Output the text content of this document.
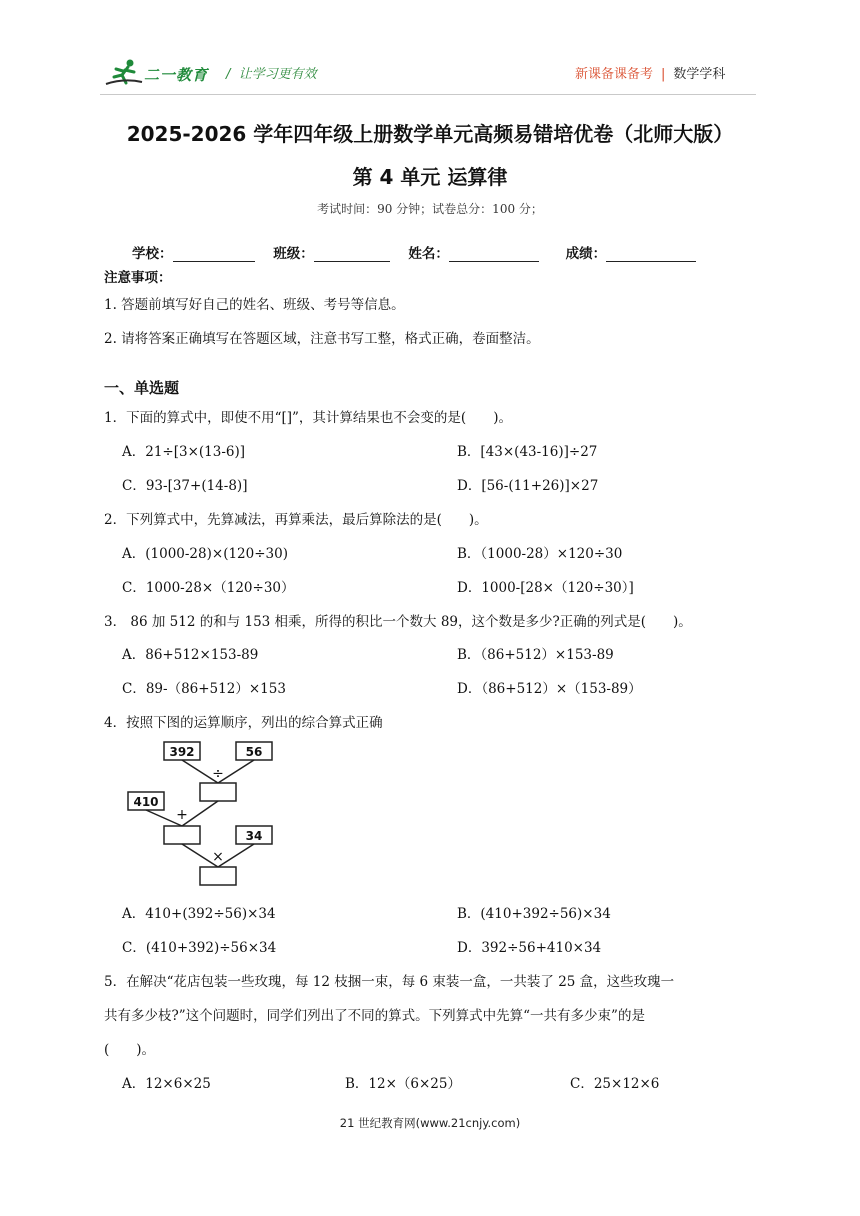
二一教育 /  让学习更有效	新课备课备考 | 数学学科
2025-2026 学年四年级上册数学单元高频易错培优卷（北师大版）
第 4 单元 运算律
考试时间：90 分钟；试卷总分：100 分；
学校：	班级：	姓名：	成绩：
注意事项：
1. 答题前填写好自己的姓名、班级、考号等信息。
2. 请将答案正确填写在答题区域，注意书写工整，格式正确，卷面整洁。
一、单选题
1．下面的算式中，即使不用“[]”，其计算结果也不会变的是(　　)。
A．21÷[3×(13-6)]	B．[43×(43-16)]÷27
C．93-[37+(14-8)]	D．[56-(11+26)]×27
2．下列算式中，先算减法，再算乘法，最后算除法的是(　　)。
A．(1000-28)×(120÷30)	B．（1000-28）×120÷30
C．1000-28×（120÷30）	D．1000-[28×（120÷30）]
3． 86 加 512 的和与 153 相乘，所得的积比一个数大 89，这个数是多少?正确的列式是(　　)。
A．86+512×153-89	B．（86+512）×153-89
C．89-（86+512）×153	D．（86+512）×（153-89）
4．按照下图的运算顺序，列出的综合算式正确
392	56
410
34
÷
+
×
A．410+(392÷56)×34	B．(410+392÷56)×34
C．(410+392)÷56×34	D．392÷56+410×34
5．在解决“花店包装一些玫瑰，每 12 枝捆一束，每 6 束装一盒，一共装了 25 盒，这些玫瑰一
共有多少枝?”这个问题时，同学们列出了不同的算式。下列算式中先算“一共有多少束”的是
(　　)。
A．12×6×25	B．12×（6×25）	C．25×12×6
21 世纪教育网(www.21cnjy.com)
